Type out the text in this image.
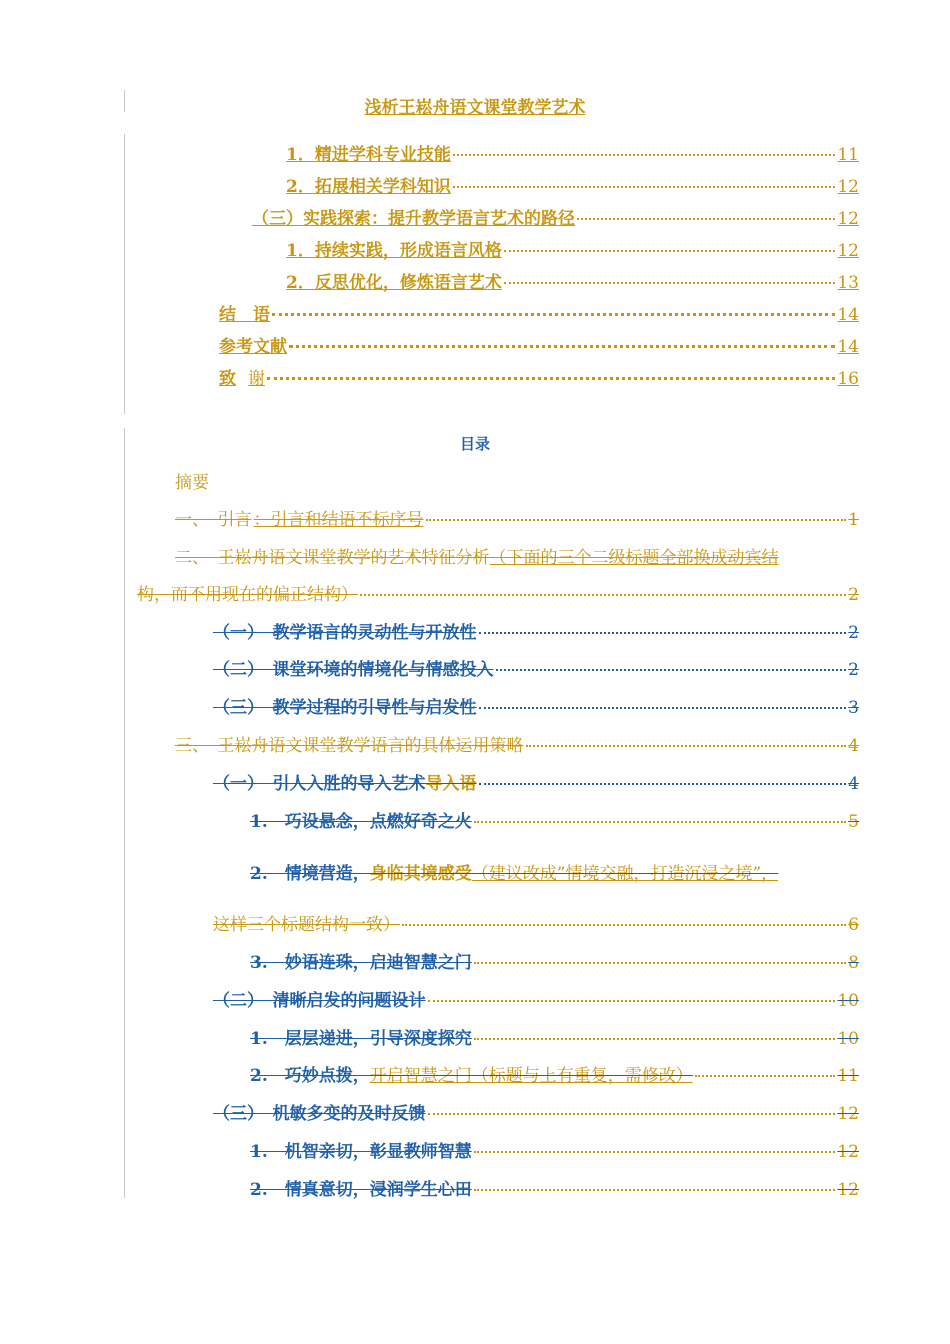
浅析王崧舟语文课堂教学艺术
1．精进学科专业技能	11
2．拓展相关学科知识	12
（三）实践探索：提升教学语言艺术的路径	12
1．持续实践，形成语言风格	12
2．反思优化，修炼语言艺术	13
结　语	14
参考文献	14
致 谢	16
目录
摘要
一、　引言 ：引言和结语不标序号	1
二、　王崧舟语文课堂教学的艺术特征分析 （下面的三个二级标题全部换成动宾结
构，而不用现在的偏正结构）	2
（一）　教学语言的灵动性与开放性	2
（二）　课堂环境的情境化与情感投入	2
（三）　教学过程的引导性与启发性	3
三、　王崧舟语文课堂教学语言的具体运用策略	4
（一）　引人入胜的导入艺术 导入语	4
1.　巧设悬念，点燃好奇之火	5
2.　情境营造， 身临其境感受 （建议改成”情境交融，打造沉浸之境”，
这样三个标题结构一致）	6
3.　妙语连珠，启迪智慧之门	8
（二）　清晰启发的问题设计	10
1.　层层递进，引导深度探究	10
2.　巧妙点拨， 开启智慧之门（标题与上有重复，需修改）	11
（三）　机敏多变的及时反馈	12
1.　机智亲切，彰显教师智慧	12
2.　情真意切，浸润学生心田	12
